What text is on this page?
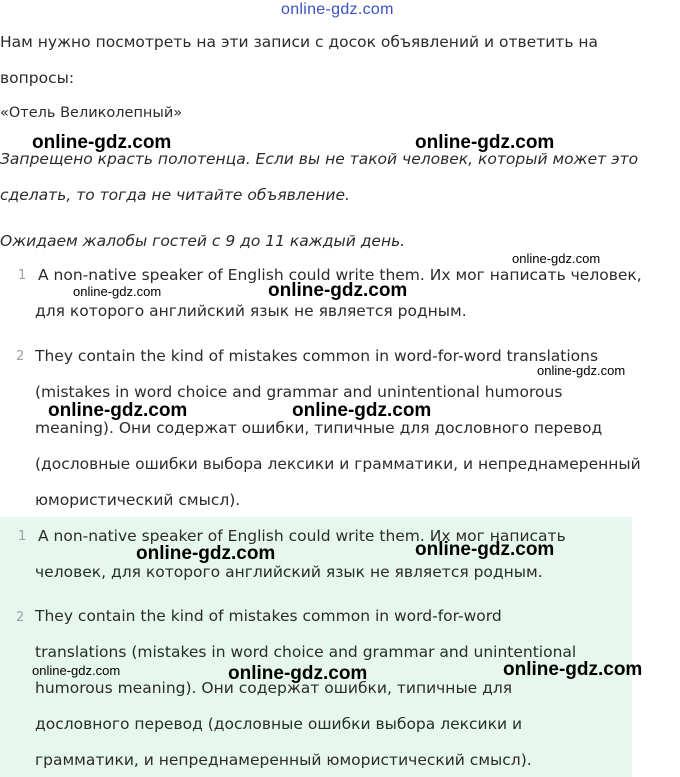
online-gdz.com
Нам нужно посмотреть на эти записи с досок объявлений и ответить на
вопросы:
«Отель Великолепный»
Запрещено красть полотенца. Если вы не такой человек, который может это
сделать, то тогда не читайте объявление.
Ожидаем жалобы гостей с 9 до 11 каждый день.
1 A non-native speaker of English could write them. Их мог написать человек,
для которого английский язык не является родным.
2 They contain the kind of mistakes common in word-for-word translations
(mistakes in word choice and grammar and unintentional humorous
meaning). Они содержат ошибки, типичные для дословного перевод
(дословные ошибки выбора лексики и грамматики, и непреднамеренный
юмористический смысл).
1 A non-native speaker of English could write them. Их мог написать
человек, для которого английский язык не является родным.
2 They contain the kind of mistakes common in word-for-word
translations (mistakes in word choice and grammar and unintentional
humorous meaning). Они содержат ошибки, типичные для
дословного перевод (дословные ошибки выбора лексики и
грамматики, и непреднамеренный юмористический смысл).
online-gdz.com	online-gdz.com
online-gdz.com
online-gdz.com	online-gdz.com
online-gdz.com
online-gdz.com	online-gdz.com
online-gdz.com	online-gdz.com
online-gdz.com	online-gdz.com	online-gdz.com
